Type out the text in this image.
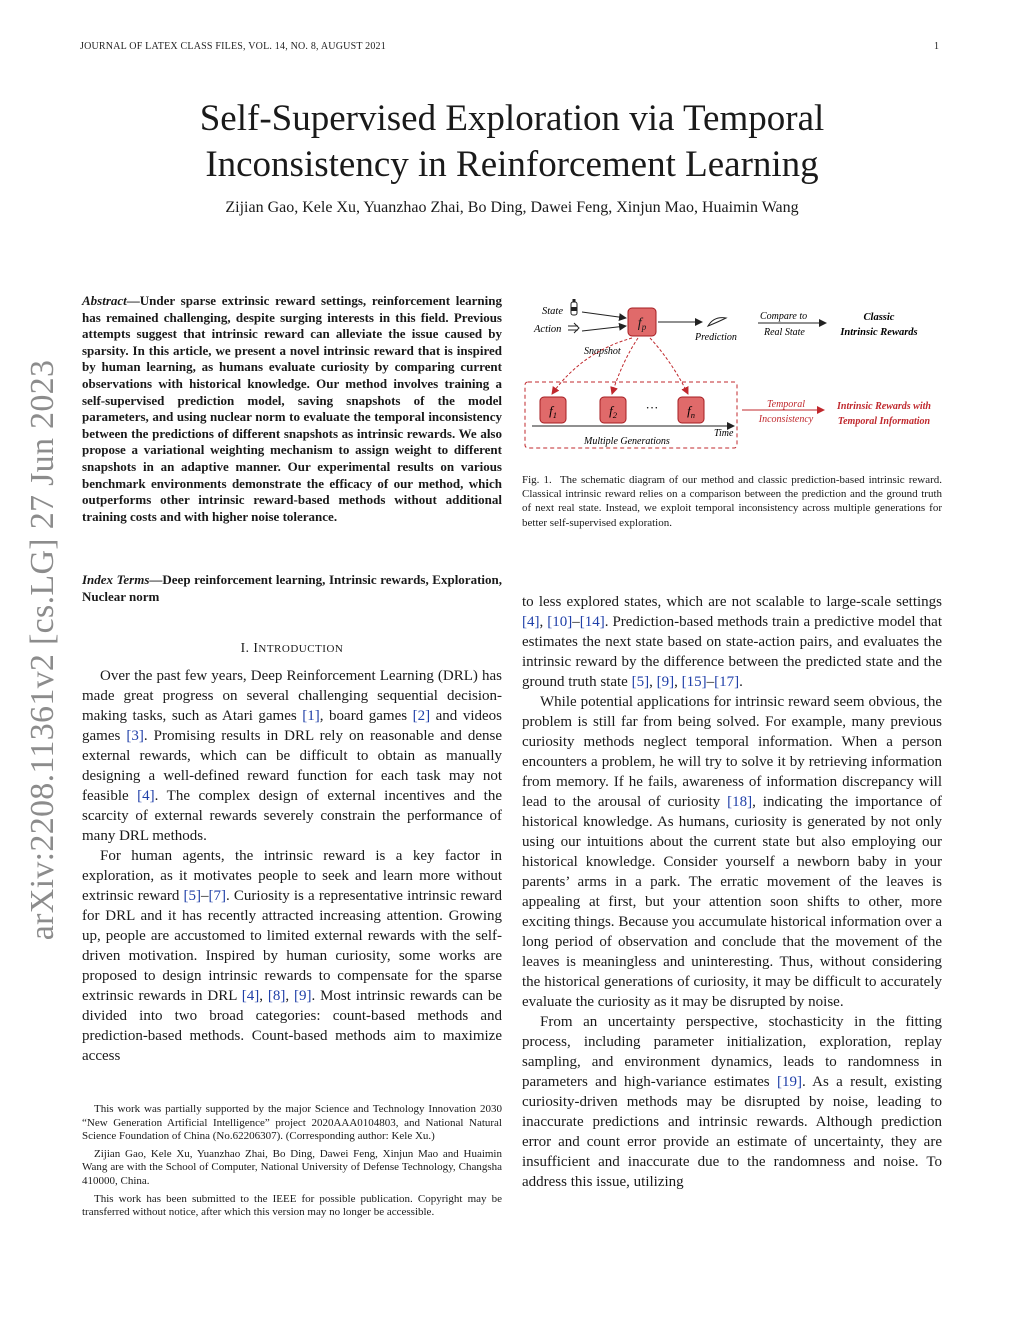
JOURNAL OF LATEX CLASS FILES, VOL. 14, NO. 8, AUGUST 2021	1
Self-Supervised Exploration via Temporal
Inconsistency in Reinforcement Learning
Zijian Gao, Kele Xu, Yuanzhao Zhai, Bo Ding, Dawei Feng, Xinjun Mao, Huaimin Wang
arXiv:2208.11361v2 [cs.LG] 27 Jun 2023
Abstract—Under sparse extrinsic reward settings, reinforcement learning has remained challenging, despite surging interests in this field. Previous attempts suggest that intrinsic reward can alleviate the issue caused by sparsity. In this article, we present a novel intrinsic reward that is inspired by human learning, as humans evaluate curiosity by comparing current observations with historical knowledge. Our method involves training a self-supervised prediction model, saving snapshots of the model parameters, and using nuclear norm to evaluate the temporal inconsistency between the predictions of different snapshots as intrinsic rewards. We also propose a variational weighting mechanism to assign weight to different snapshots in an adaptive manner. Our experimental results on various benchmark environments demonstrate the efficacy of our method, which outperforms other intrinsic reward-based methods without additional training costs and with higher noise tolerance.
Index Terms—Deep reinforcement learning, Intrinsic rewards, Exploration, Nuclear norm
I. INTRODUCTION

Over the past few years, Deep Reinforcement Learning (DRL) has made great progress on several challenging sequential decision-making tasks, such as Atari games [1], board games [2] and videos games [3]. Promising results in DRL rely on reasonable and dense external rewards, which can be difficult to obtain as manually designing a well-defined reward function for each task may not feasible [4]. The complex design of external incentives and the scarcity of external rewards severely constrain the performance of many DRL methods.

For human agents, the intrinsic reward is a key factor in exploration, as it motivates people to seek and learn more without extrinsic reward [5]–[7]. Curiosity is a representative intrinsic reward for DRL and it has recently attracted increasing attention. Growing up, people are accustomed to limited external rewards with the self-driven motivation. Inspired by human curiosity, some works are proposed to design intrinsic rewards to compensate for the sparse extrinsic rewards in DRL [4], [8], [9]. Most intrinsic rewards can be divided into two broad categories: count-based methods and prediction-based methods. Count-based methods aim to maximize access

This work was partially supported by the major Science and Technology Innovation 2030 “New Generation Artificial Intelligence” project 2020AAA0104803, and National Natural Science Foundation of China (No.62206307). (Corresponding author: Kele Xu.)

Zijian Gao, Kele Xu, Yuanzhao Zhai, Bo Ding, Dawei Feng, Xinjun Mao and Huaimin Wang are with the School of Computer, National University of Defense Technology, Changsha 410000, China.

This work has been submitted to the IEEE for possible publication. Copyright may be transferred without notice, after which this version may no longer be accessible.

State
Action	$f_p$
Snapshot
Prediction
Compare to
Real State
Classic
Intrinsic Rewards
$f_1$	$f_2$ ··· $f_n$
Time
Multiple Generations
Temporal
Inconsistency
Intrinsic Rewards with
Temporal Information
Fig. 1. The schematic diagram of our method and classic prediction-based intrinsic reward. Classical intrinsic reward relies on a comparison between the prediction and the ground truth of next real state. Instead, we exploit temporal inconsistency across multiple generations for better self-supervised exploration.

to less explored states, which are not scalable to large-scale settings [4], [10]–[14]. Prediction-based methods train a predictive model that estimates the next state based on state-action pairs, and evaluates the intrinsic reward by the difference between the predicted state and the ground truth state [5], [9], [15]–[17].

While potential applications for intrinsic reward seem obvious, the problem is still far from being solved. For example, many previous curiosity methods neglect temporal information. When a person encounters a problem, he will try to solve it by retrieving information from memory. If he fails, awareness of information discrepancy will lead to the arousal of curiosity [18], indicating the importance of historical knowledge. As humans, curiosity is generated by not only using our intuitions about the current state but also employing our historical knowledge. Consider yourself a newborn baby in your parents’ arms in a park. The erratic movement of the leaves is appealing at first, but your attention soon shifts to other, more exciting things. Because you accumulate historical information over a long period of observation and conclude that the movement of the leaves is meaningless and uninteresting. Thus, without considering the historical generations of curiosity, it may be difficult to accurately evaluate the curiosity as it may be disrupted by noise.

From an uncertainty perspective, stochasticity in the fitting process, including parameter initialization, exploration, replay sampling, and environment dynamics, leads to randomness in parameters and high-variance estimates [19]. As a result, existing curiosity-driven methods may be disrupted by noise, leading to inaccurate predictions and intrinsic rewards. Although prediction error and count error provide an estimate of uncertainty, they are insufficient and inaccurate due to the randomness and noise. To address this issue, utilizing
